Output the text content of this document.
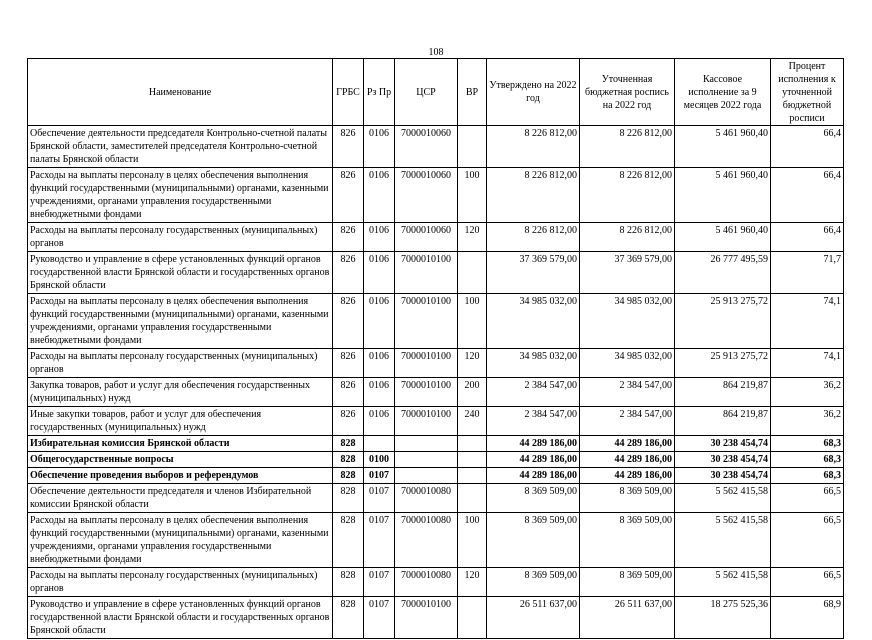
108
Наименование	ГРБС	Рз Пр	ЦСР	ВР	Утверждено на 2022 год	Уточненная бюджетная роспись на 2022 год	Кассовое исполнение за 9 месяцев 2022 года	Процент исполнения к уточненной бюджетной росписи
Обеспечение деятельности председателя Контрольно-счетной палаты Брянской области, заместителей председателя Контрольно-счетной палаты Брянской области	826	0106	7000010060		8 226 812,00	8 226 812,00	5 461 960,40	66,4
Расходы на выплаты персоналу в целях обеспечения выполнения функций государственными (муниципальными) органами, казенными учреждениями, органами управления государственными внебюджетными фондами	826	0106	7000010060	100	8 226 812,00	8 226 812,00	5 461 960,40	66,4
Расходы на выплаты персоналу государственных (муниципальных) органов	826	0106	7000010060	120	8 226 812,00	8 226 812,00	5 461 960,40	66,4
Руководство и управление в сфере установленных функций органов государственной власти Брянской области и государственных органов Брянской области	826	0106	7000010100		37 369 579,00	37 369 579,00	26 777 495,59	71,7
Расходы на выплаты персоналу в целях обеспечения выполнения функций государственными (муниципальными) органами, казенными учреждениями, органами управления государственными внебюджетными фондами	826	0106	7000010100	100	34 985 032,00	34 985 032,00	25 913 275,72	74,1
Расходы на выплаты персоналу государственных (муниципальных) органов	826	0106	7000010100	120	34 985 032,00	34 985 032,00	25 913 275,72	74,1
Закупка товаров, работ и услуг для обеспечения государственных (муниципальных) нужд	826	0106	7000010100	200	2 384 547,00	2 384 547,00	864 219,87	36,2
Иные закупки товаров, работ и услуг для обеспечения государственных (муниципальных) нужд	826	0106	7000010100	240	2 384 547,00	2 384 547,00	864 219,87	36,2
Избирательная комиссия Брянской области	828				44 289 186,00	44 289 186,00	30 238 454,74	68,3
Общегосударственные вопросы	828	0100			44 289 186,00	44 289 186,00	30 238 454,74	68,3
Обеспечение проведения выборов и референдумов	828	0107			44 289 186,00	44 289 186,00	30 238 454,74	68,3
Обеспечение деятельности председателя и членов Избирательной комиссии Брянской области	828	0107	7000010080		8 369 509,00	8 369 509,00	5 562 415,58	66,5
Расходы на выплаты персоналу в целях обеспечения выполнения функций государственными (муниципальными) органами, казенными учреждениями, органами управления государственными внебюджетными фондами	828	0107	7000010080	100	8 369 509,00	8 369 509,00	5 562 415,58	66,5
Расходы на выплаты персоналу государственных (муниципальных) органов	828	0107	7000010080	120	8 369 509,00	8 369 509,00	5 562 415,58	66,5
Руководство и управление в сфере установленных функций органов государственной власти Брянской области и государственных органов Брянской области	828	0107	7000010100		26 511 637,00	26 511 637,00	18 275 525,36	68,9
